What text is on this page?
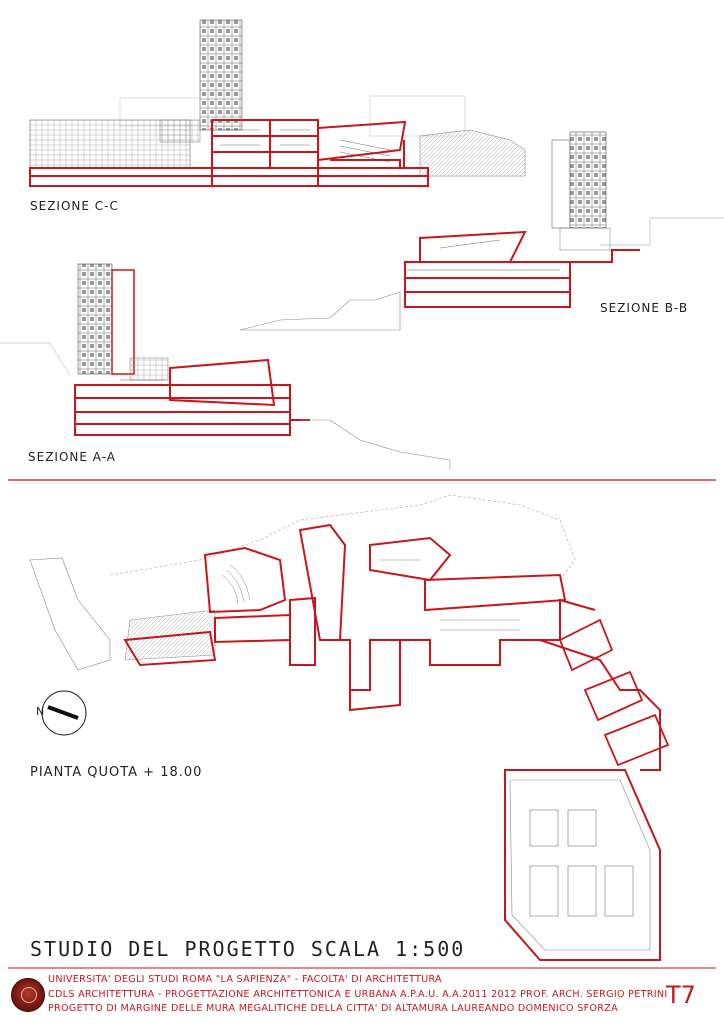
SEZIONE C-C
SEZIONE B-B
SEZIONE A-A
PIANTA QUOTA + 18.00
N
STUDIO DEL PROGETTO SCALA 1:500
UNIVERSITA' DEGLI STUDI ROMA "LA SAPIENZA" - FACOLTA' DI ARCHITETTURA
CDLS ARCHITETTURA - PROGETTAZIONE ARCHITETTONICA E URBANA A.P.A.U. A.A.2011 2012 PROF. ARCH. SERGIO PETRINI
PROGETTO DI MARGINE DELLE MURA MEGALITICHE DELLA CITTA' DI ALTAMURA LAUREANDO DOMENICO SFORZA T7
